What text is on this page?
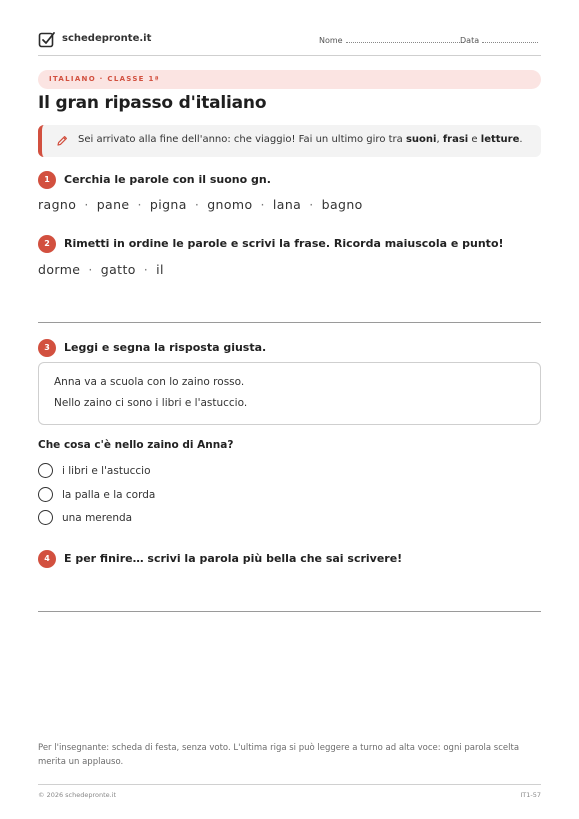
schedepronte.it	Nome	Data
ITALIANO · CLASSE 1ª
Il gran ripasso d'italiano
Sei arrivato alla fine dell'anno: che viaggio! Fai un ultimo giro tra suoni, frasi e letture.
1	Cerchia le parole con il suono gn.
ragno · pane · pigna · gnomo · lana · bagno
2	Rimetti in ordine le parole e scrivi la frase. Ricorda maiuscola e punto!
dorme · gatto · il
3	Leggi e segna la risposta giusta.

Anna va a scuola con lo zaino rosso.

Nello zaino ci sono i libri e l'astuccio.

Che cosa c'è nello zaino di Anna?
i libri e l'astuccio
la palla e la corda
una merenda
4	E per finire… scrivi la parola più bella che sai scrivere!
Per l'insegnante: scheda di festa, senza voto. L'ultima riga si può leggere a turno ad alta voce: ogni parola scelta merita un applauso.
© 2026 schedepronte.it	IT1-57
